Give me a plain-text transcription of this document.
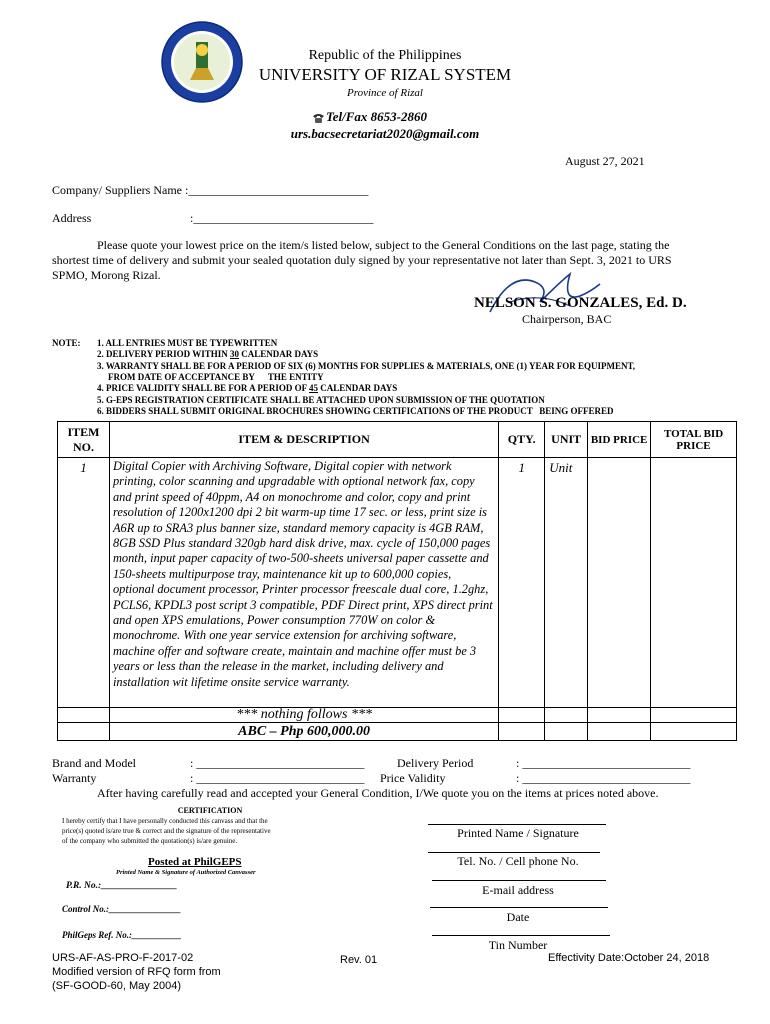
Republic of the Philippines
UNIVERSITY OF RIZAL SYSTEM
Province of Rizal
Tel/Fax 8653-2860
urs.bacsecretariat2020@gmail.com
August 27, 2021
Company/ Suppliers Name :______________________________
Address	:______________________________
Please quote your lowest price on the item/s listed below, subject to the General Conditions on the last page, stating the
shortest time of delivery and submit your sealed quotation duly signed by your representative not later than Sept. 3, 2021 to URS
SPMO, Morong Rizal.
NELSON S. GONZALES, Ed. D.
Chairperson, BAC
NOTE: 1. ALL ENTRIES MUST BE TYPEWRITTEN
2. DELIVERY PERIOD WITHIN 30 CALENDAR DAYS
3. WARRANTY SHALL BE FOR A PERIOD OF SIX (6) MONTHS FOR SUPPLIES & MATERIALS, ONE (1) YEAR FOR EQUIPMENT,
FROM DATE OF ACCEPTANCE BY      THE ENTITY
4. PRICE VALIDITY SHALL BE FOR A PERIOD OF 45 CALENDAR DAYS
5. G-EPS REGISTRATION CERTIFICATE SHALL BE ATTACHED UPON SUBMISSION OF THE QUOTATION
6. BIDDERS SHALL SUBMIT ORIGINAL BROCHURES SHOWING CERTIFICATIONS OF THE PRODUCT   BEING OFFERED
ITEM NO.	ITEM & DESCRIPTION	QTY.	UNIT	BID PRICE	TOTAL BID PRICE
1	Digital Copier with Archiving Software, Digital copier with network printing, color scanning and upgradable with optional network fax, copy and print speed of 40ppm, A4 on monochrome and color, copy and print resolution of 1200x1200 dpi 2 bit warm-up time 17 sec. or less, print size is A6R up to SRA3 plus banner size, standard memory capacity is 4GB RAM, 8GB SSD Plus standard 320gb hard disk drive, max. cycle of 150,000 pages month, input paper capacity of two-500-sheets universal paper cassette and 150-sheets multipurpose tray, maintenance kit up to 600,000 copies, optional document processor, Printer processor freescale dual core, 1.2ghz, PCLS6, KPDL3 post script 3 compatible, PDF Direct print, XPS direct print and open XPS emulations, Power consumption 770W on color & monochrome. With one year service extension for archiving software, machine offer and software create, maintain and machine offer must be 3 years or less than the release in the market, including delivery and installation wit lifetime onsite service warranty.	1	Unit		
	*** nothing follows ***				
	ABC – Php 600,000.00				
Brand and Model	: ____________________________	Delivery Period	: ____________________________
Warranty	: ____________________________ Price Validity	: ____________________________
After having carefully read and accepted your General Condition, I/We quote you on the items at prices noted above.
CERTIFICATION
I hereby certify that I have personally conducted this canvass and that the
price(s) quoted is/are true & correct and the signature of the representative
of the company who submitted the quotation(s) is/are genuine.
Posted at PhilGEPS
Printed Name & Signature of Authorized Canvasser
P.R. No.:________________
Control No.:________________
PhilGeps Ref. No.:___________
Printed Name / Signature
Tel. No. / Cell phone No.
E-mail address
Date
Tin Number
URS-AF-AS-PRO-F-2017-02
Modified version of RFQ form from
(SF-GOOD-60, May 2004)
Rev. 01	Effectivity Date:October 24, 2018
